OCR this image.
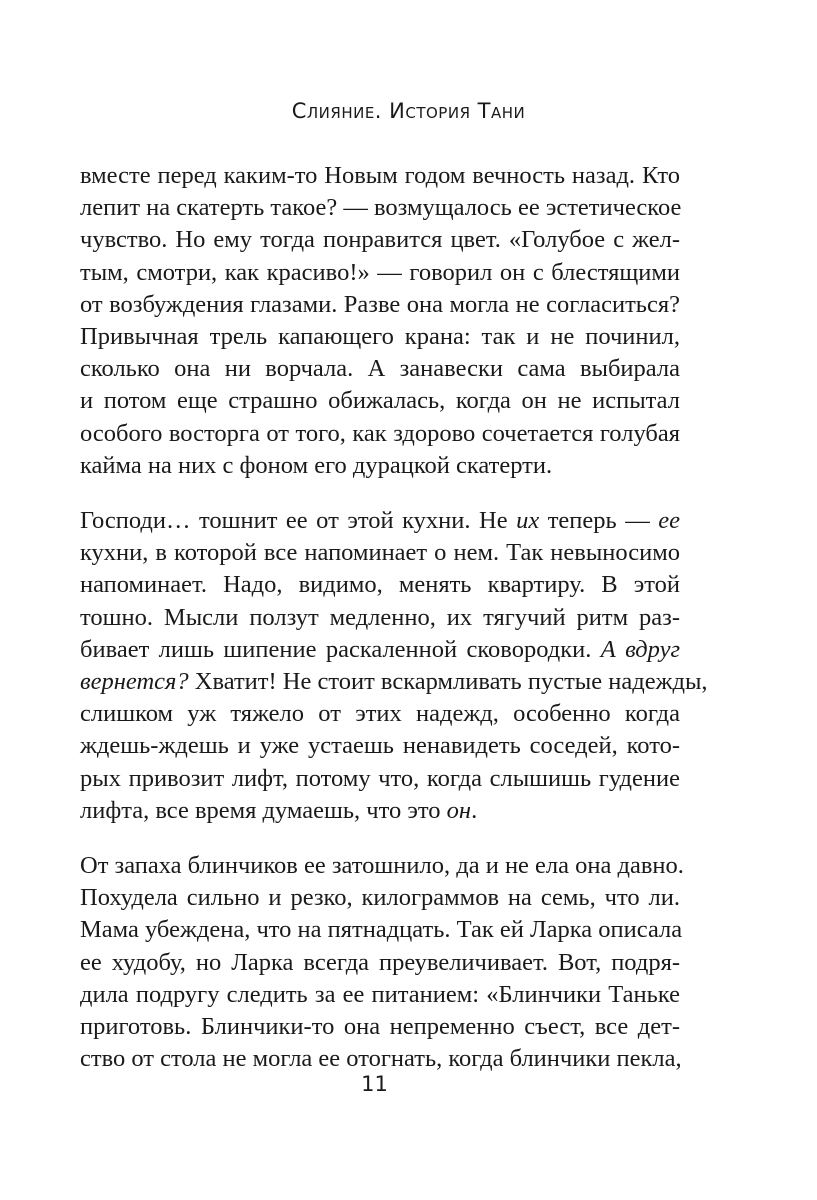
Слияние. История Тани

вместе перед каким-то Новым годом вечность назад. Кто
лепит на скатерть такое? — возмущалось ее эстетическое
чувство. Но ему тогда понравится цвет. «Голубое с жел-
тым, смотри, как красиво!» — говорил он с блестящими
от возбуждения глазами. Разве она могла не согласиться?
Привычная трель капающего крана: так и не починил,
сколько она ни ворчала. А занавески сама выбирала
и потом еще страшно обижалась, когда он не испытал
особого восторга от того, как здорово сочетается голубая
кайма на них с фоном его дурацкой скатерти.

Господи… тошнит ее от этой кухни. Не их теперь — ее
кухни, в которой все напоминает о нем. Так невыносимо
напоминает. Надо, видимо, менять квартиру. В этой
тошно. Мысли ползут медленно, их тягучий ритм раз-
бивает лишь шипение раскаленной сковородки. А вдруг
вернется? Хватит! Не стоит вскармливать пустые надежды,
слишком уж тяжело от этих надежд, особенно когда
ждешь-ждешь и уже устаешь ненавидеть соседей, кото-
рых привозит лифт, потому что, когда слышишь гудение
лифта, все время думаешь, что это он.

От запаха блинчиков ее затошнило, да и не ела она давно.
Похудела сильно и резко, килограммов на семь, что ли.
Мама убеждена, что на пятнадцать. Так ей Ларка описала
ее худобу, но Ларка всегда преувеличивает. Вот, подря-
дила подругу следить за ее питанием: «Блинчики Таньке
приготовь. Блинчики-то она непременно съест, все дет-
ство от стола не могла ее отогнать, когда блинчики пекла,

11
